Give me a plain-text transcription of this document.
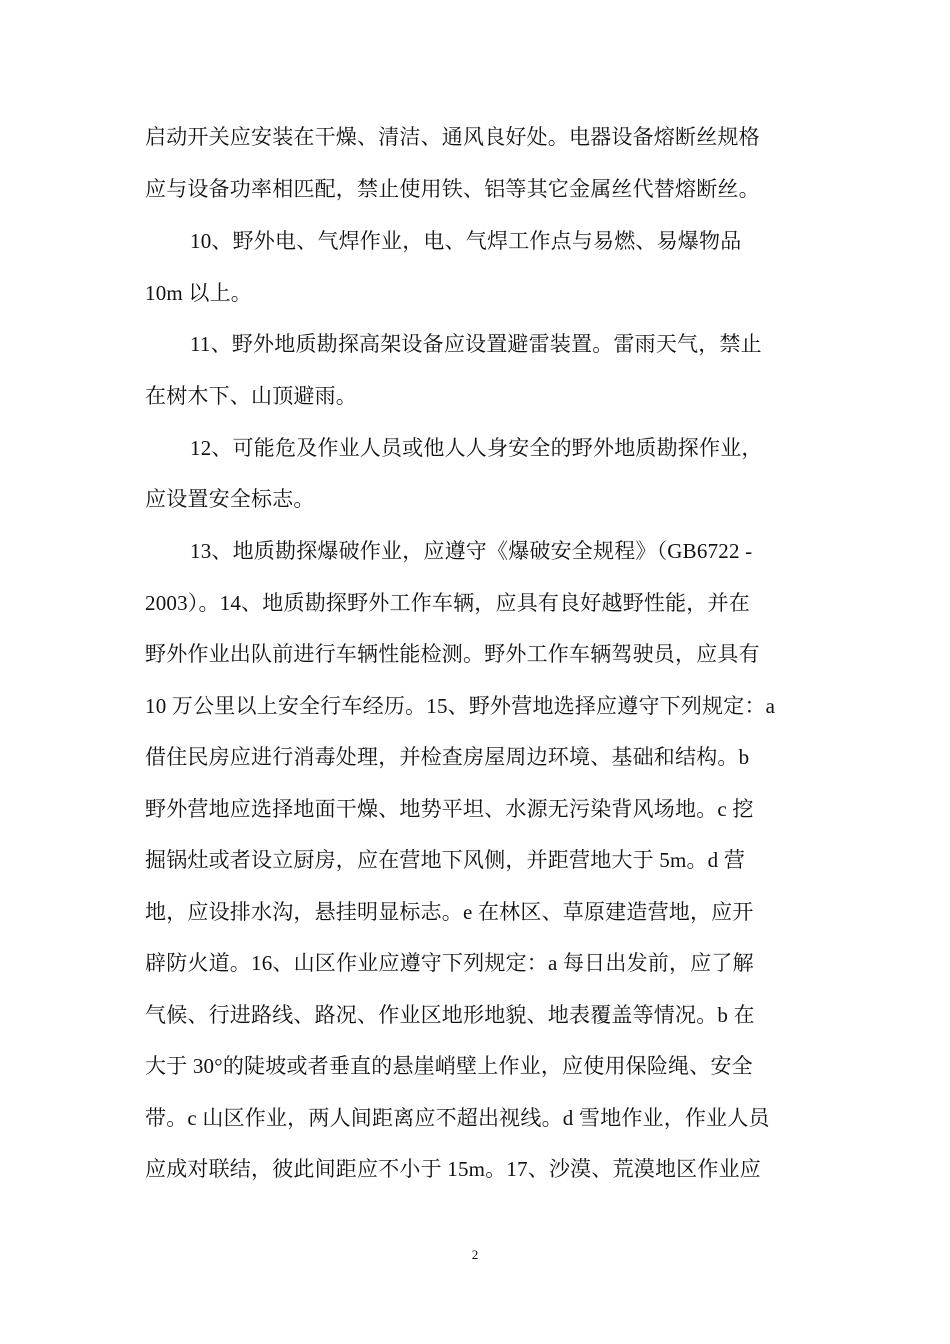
启动开关应安装在干燥、清洁、通风良好处。电器设备熔断丝规格
应与设备功率相匹配，禁止使用铁、铝等其它金属丝代替熔断丝。
10、野外电、气焊作业，电、气焊工作点与易燃、易爆物品
10m 以上。
11、野外地质勘探高架设备应设置避雷装置。雷雨天气，禁止
在树木下、山顶避雨。
12、可能危及作业人员或他人人身安全的野外地质勘探作业，
应设置安全标志。
13、地质勘探爆破作业，应遵守《爆破安全规程》（GB6722 -
2003）。14、地质勘探野外工作车辆，应具有良好越野性能，并在
野外作业出队前进行车辆性能检测。野外工作车辆驾驶员，应具有
10 万公里以上安全行车经历。15、野外营地选择应遵守下列规定：a
借住民房应进行消毒处理，并检查房屋周边环境、基础和结构。b
野外营地应选择地面干燥、地势平坦、水源无污染背风场地。c 挖
掘锅灶或者设立厨房，应在营地下风侧，并距营地大于 5m。d 营
地，应设排水沟，悬挂明显标志。e 在林区、草原建造营地，应开
辟防火道。16、山区作业应遵守下列规定：a 每日出发前，应了解
气候、行进路线、路况、作业区地形地貌、地表覆盖等情况。b 在
大于 30°的陡坡或者垂直的悬崖峭壁上作业，应使用保险绳、安全
带。c 山区作业，两人间距离应不超出视线。d 雪地作业，作业人员
应成对联结，彼此间距应不小于 15m。17、沙漠、荒漠地区作业应
2
